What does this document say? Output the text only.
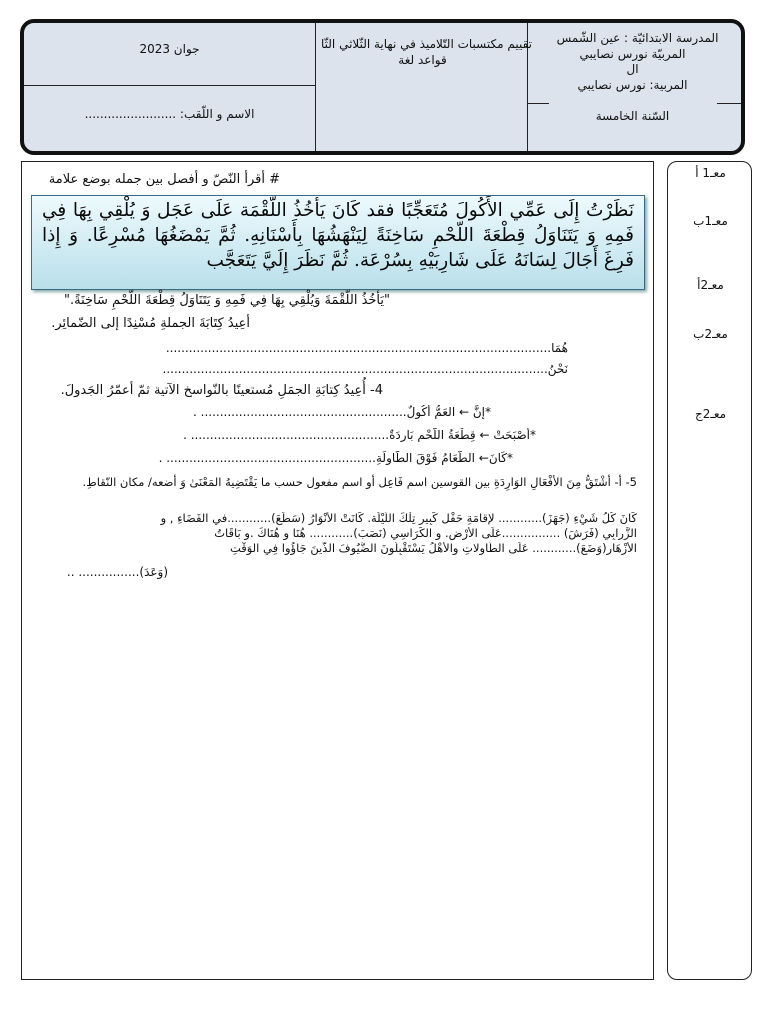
المدرسة الابتدائيّة : عين الشّمس
المربيّة نورس نصايبي
ال
المربية: نورس نصايبي
السّنة الخامسة
تقييم مكتسبات التّلاميذ في نهاية الثّلاثي الثّا
قواعد لغة
جوان 2023
........................ :الاسم و اللّقب
معـ1 أ
معـ1ب
معـ2أ
معـ2ب
معـ2ج
# أقرأ النّصّ و أفصل بين جمله بوضع علامة

نَظَرْتُ إِلَى عَمِّي الأَكُولَ مُتَعَجِّبًا فقد كَانَ يَأخُذُ اللّقْمَة عَلَى عَجَل وَ يُلْقِي بِهَا فِي فَمِهِ وَ يَتَنَاوَلُ قِطْعَةَ اللّحْمِ سَاخِنَةً لِيَنْهَشُهَا بِأَسْنَانِهِ. ثُمَّ يَمْضَغُهَا مُسْرِعًا. وَ إِذا فَرِغَ أَجَالَ لِسَانَهُ عَلَى شَارِبَيْهِ بِسُرْعَة. ثُمَّ نَظَرَ إِلَيَّ يَتَعَجَّب

"يَأخُذُ اللّقْمَةَ وَيُلْقِي بِهَا فِي فَمِهِ وَ يَتَنَاوَلُ قِطْعَةَ اللّحْمِ سَاخِنَةً."
أعِيدُ كِتَابَةَ الجملةِ مُسْنِدًا إلى الضّمائِر.
هُمَا.....................................................................................................
نَحْنُ.....................................................................................................
4- أُعِيدُ كِتابَةِ الجمَلِ مُستعينًا بالنّواسخ الآتية ثمّ أعمّرُ الجَدولَ.
*إنَّ ← العَمُّ أَكُولٌ...................................................... .
*أَصْبَحَتْ ← قِطْعَةُ اللَّحْمِ بَارِدَةٌ.................................................... .
*كَانَ← الطَّعَامُ فَوْقَ الطَّاوِلَةِ....................................................... .
5- أ- أشْتَقُّ مِنَ الأفْعَالِ الوَارِدَةِ بين القوسين اسم فَاعِل أو اسم مفعول حسب ما يَقْتَضِيهُ المَعْنَىٰ وَ أضعه/ مكان النّقاطِ.
كَانَ كُلُ شَيْءِ (جَهَزَ)............ لإقامَةِ حَفْلِ كَبِير تِلْكَ اللَّيْلَة. كَانَتْ الأَنْوَارُ (سَطَعَ)............في الفَضَاءِ , و
الزَّرابِي (فَرَشَ) ................عَلَى الأرْضِ. و الكَرَاسِي (نَصَبَ)............ هُنَا و هُنَاكَ .و بَاقَاتُ
الأزْهَارِ(وَضَعَ)............ عَلَى الطّاولاتِ والأهْلُ يَسْتَقْبِلُونَ الضُّيُوفَ الذّينَ جَاؤُوا فِي الوَقْتِ
(وَعَدَ)................ ..
